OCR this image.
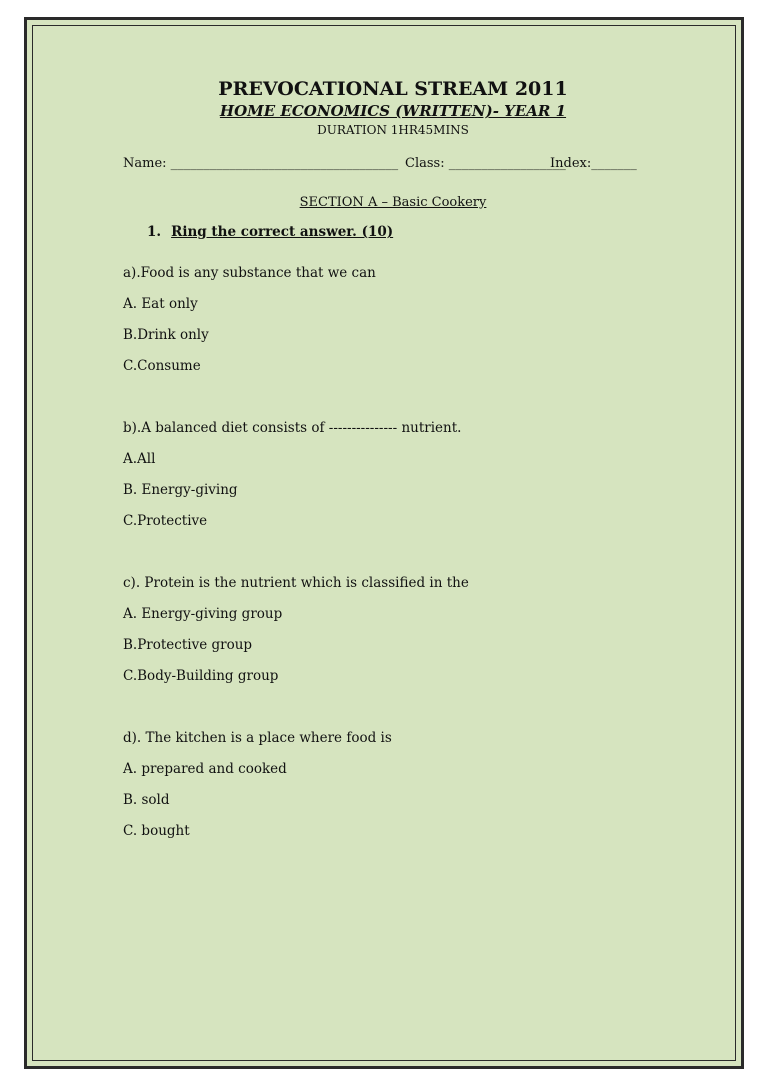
PREVOCATIONAL STREAM 2011

HOME ECONOMICS (WRITTEN)- YEAR 1

DURATION 1HR45MINS

Name: ___________________________________ Class: __________________
Index:_______
SECTION A – Basic Cookery
1. Ring the correct answer. (10)
a).Food is any substance that we can
A. Eat only
B.Drink only
C.Consume
b).A balanced diet consists of --------------- nutrient.
A.All
B. Energy-giving
C.Protective
c). Protein is the nutrient which is classified in the
A. Energy-giving group
B.Protective group
C.Body-Building group
d). The kitchen is a place where food is
A. prepared and cooked
B. sold
C. bought
